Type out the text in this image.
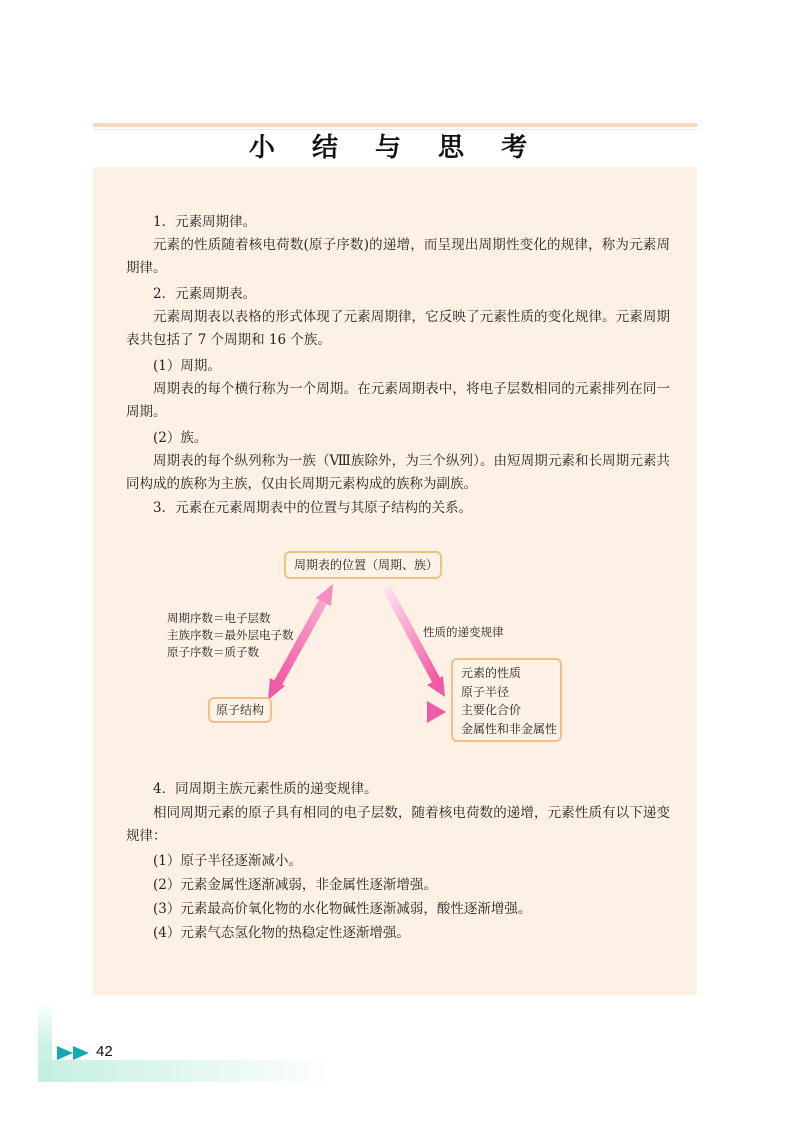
小 结 与 思 考

1．元素周期律。

元素的性质随着核电荷数(原子序数)的递增，而呈现出周期性变化的规律，称为元素周期律。

2．元素周期表。

元素周期表以表格的形式体现了元素周期律，它反映了元素性质的变化规律。元素周期表共包括了 7 个周期和 16 个族。

(1）周期。

周期表的每个横行称为一个周期。在元素周期表中，将电子层数相同的元素排列在同一周期。

(2）族。

周期表的每个纵列称为一族（Ⅷ族除外，为三个纵列）。由短周期元素和长周期元素共同构成的族称为主族，仅由长周期元素构成的族称为副族。

3．元素在元素周期表中的位置与其原子结构的关系。

周期表的位置（周期、族）
原子结构
元素的性质
原子半径
主要化合价
金属性和非金属性
周期序数＝电子层数
主族序数＝最外层电子数
原子序数＝质子数
性质的递变规律

4．同周期主族元素性质的递变规律。

相同周期元素的原子具有相同的电子层数，随着核电荷数的递增，元素性质有以下递变规律：

(1）原子半径逐渐减小。

(2）元素金属性逐渐减弱，非金属性逐渐增强。

(3）元素最高价氧化物的水化物碱性逐渐减弱，酸性逐渐增强。

(4）元素气态氢化物的热稳定性逐渐增强。

42
